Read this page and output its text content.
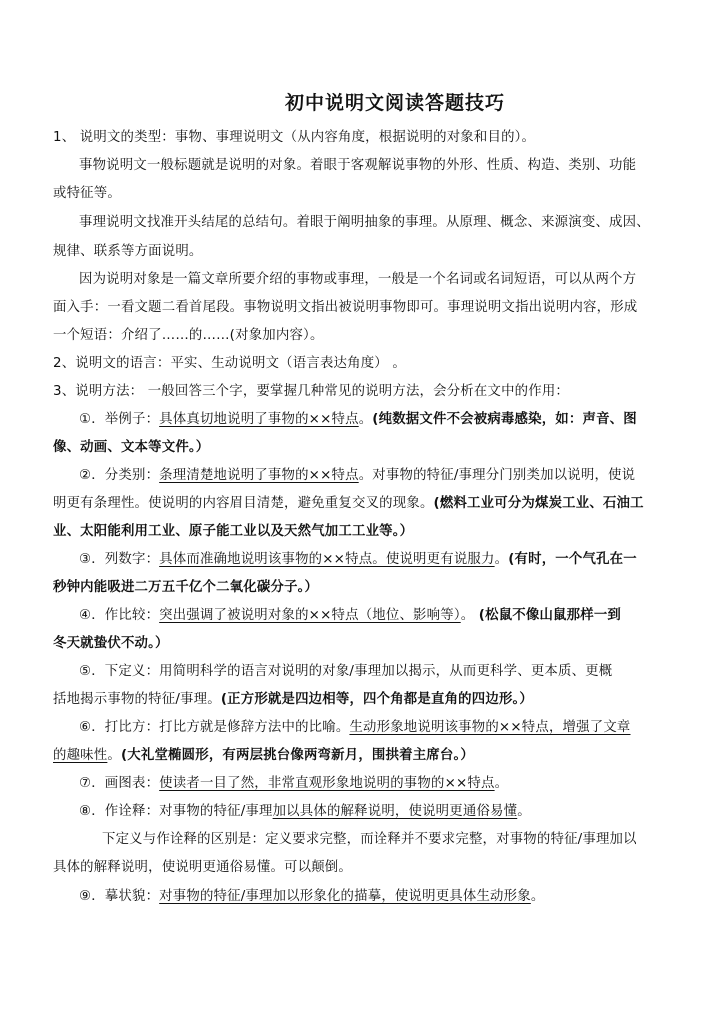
初中说明文阅读答题技巧
1、 说明文的类型：事物、事理说明文（从内容角度，根据说明的对象和目的）。
事物说明文一般标题就是说明的对象。着眼于客观解说事物的外形、性质、构造、类别、功能
或特征等。
事理说明文找准开头结尾的总结句。着眼于阐明抽象的事理。从原理、概念、来源演变、成因、
规律、联系等方面说明。
因为说明对象是一篇文章所要介绍的事物或事理，一般是一个名词或名词短语，可以从两个方
面入手：一看文题二看首尾段。事物说明文指出被说明事物即可。事理说明文指出说明内容，形成
一个短语：介绍了……的……(对象加内容）。
2、说明文的语言：平实、生动说明文（语言表达角度） 。
3、说明方法： 一般回答三个字，要掌握几种常见的说明方法，会分析在文中的作用：
①．举例子：具体真切地说明了事物的××特点。(纯数据文件不会被病毒感染，如：声音、图
像、动画、文本等文件。）
②．分类别：条理清楚地说明了事物的××特点。对事物的特征/事理分门别类加以说明，使说
明更有条理性。使说明的内容眉目清楚，避免重复交叉的现象。(燃料工业可分为煤炭工业、石油工
业、太阳能利用工业、原子能工业以及天然气加工工业等。）
③．列数字：具体而准确地说明该事物的××特点。使说明更有说服力。(有时，一个气孔在一
秒钟内能吸进二万五千亿个二氧化碳分子。）
④．作比较：突出强调了被说明对象的××特点（地位、影响等）。 (松鼠不像山鼠那样一到
冬天就蛰伏不动。）
⑤．下定义：用简明科学的语言对说明的对象/事理加以揭示，从而更科学、更本质、更概
括地揭示事物的特征/事理。(正方形就是四边相等，四个角都是直角的四边形。）
⑥．打比方：打比方就是修辞方法中的比喻。生动形象地说明该事物的××特点，增强了文章
的趣味性。(大礼堂椭圆形，有两层挑台像两弯新月，围拱着主席台。）
⑦．画图表：使读者一目了然，非常直观形象地说明的事物的××特点。
⑧．作诠释：对事物的特征/事理加以具体的解释说明，使说明更通俗易懂。
下定义与作诠释的区别是：定义要求完整，而诠释并不要求完整，对事物的特征/事理加以
具体的解释说明，使说明更通俗易懂。可以颠倒。
⑨．摹状貌：对事物的特征/事理加以形象化的描摹，使说明更具体生动形象。
